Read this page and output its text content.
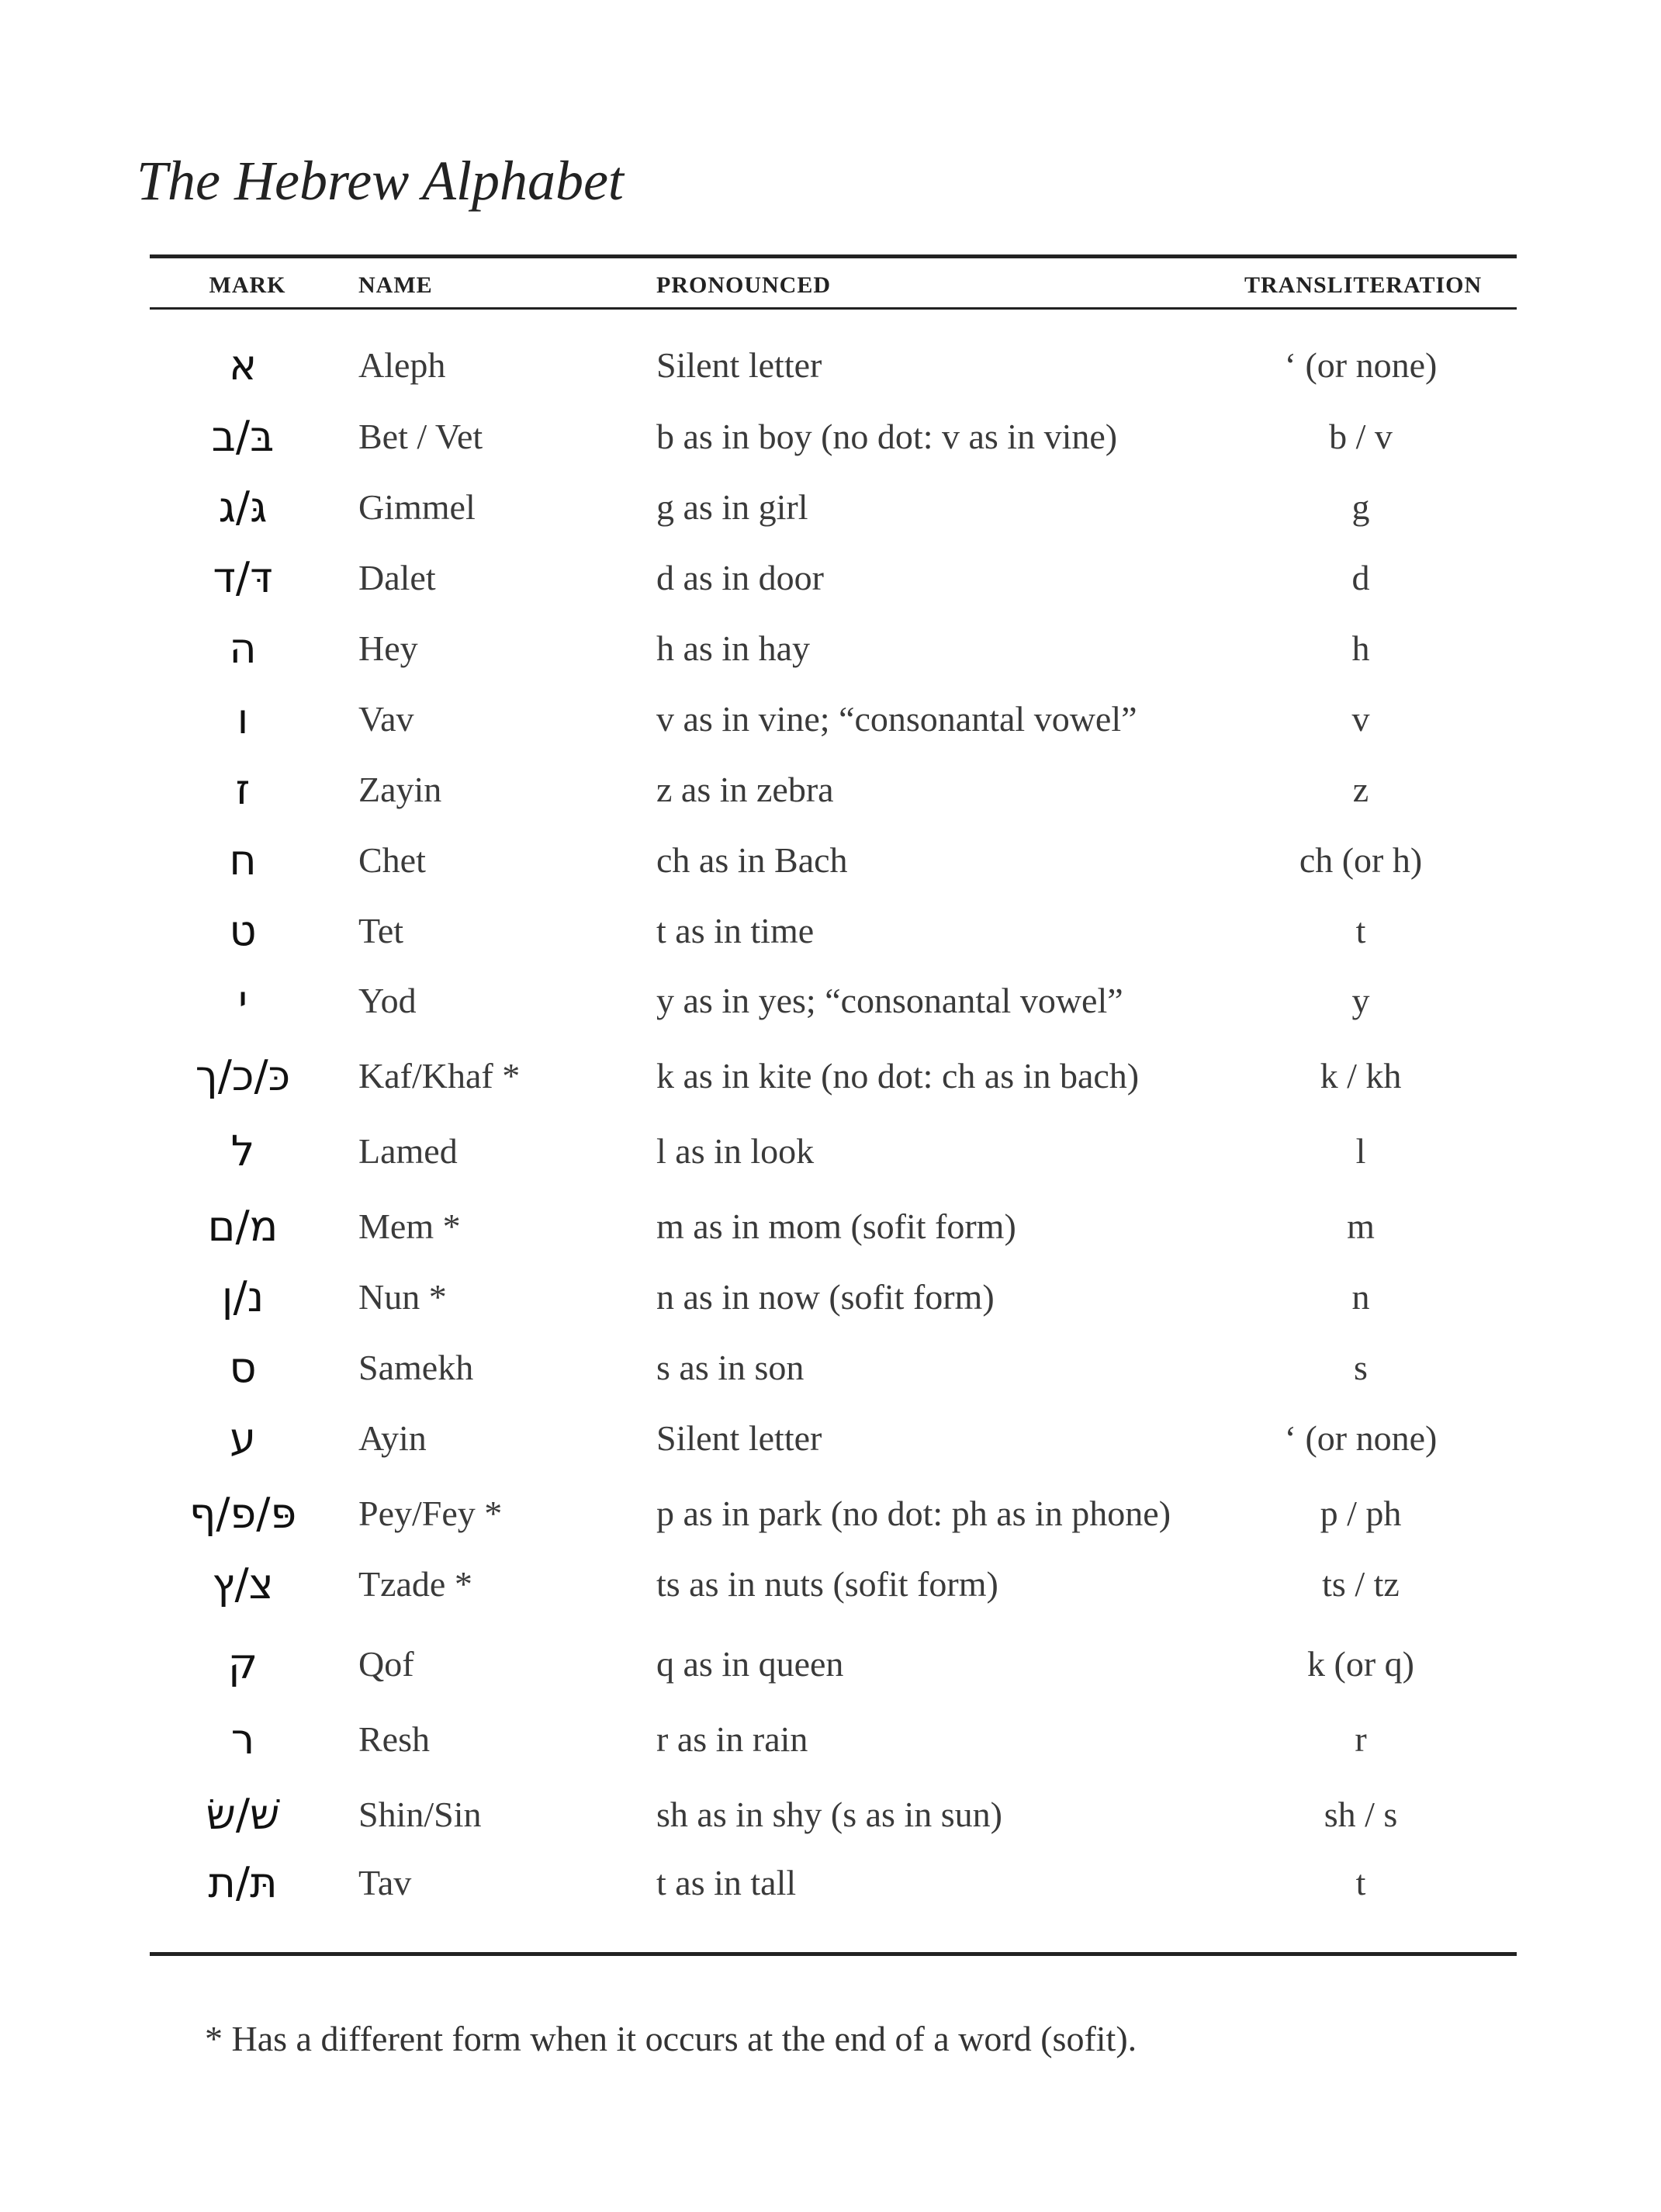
The Hebrew Alphabet
MARK	NAME	PRONOUNCED	TRANSLITERATION
א	Aleph	Silent letter	‘ (or none)
בּ/ב	Bet / Vet	b as in boy (no dot: v as in vine)	b / v
גּ/ג	Gimmel	g as in girl	g
דּ/ד	Dalet	d as in door	d
ה	Hey	h as in hay	h
ו	Vav	v as in vine; “consonantal vowel”	v
ז	Zayin	z as in zebra	z
ח	Chet	ch as in Bach	ch (or h)
ט	Tet	t as in time	t
י	Yod	y as in yes; “consonantal vowel”	y
כּ/כ/ך	Kaf/Khaf *	k as in kite (no dot: ch as in bach)	k / kh
ל	Lamed	l as in look	l
מ/ם	Mem *	m as in mom (sofit form)	m
נ/ן	Nun *	n as in now (sofit form)	n
ס	Samekh	s as in son	s
ע	Ayin	Silent letter	‘ (or none)
פּ/פ/ף	Pey/Fey *	p as in park (no dot: ph as in phone)	p / ph
צ/ץ	Tzade *	ts as in nuts (sofit form)	ts / tz
ק	Qof	q as in queen	k (or q)
ר	Resh	r as in rain	r
שׁ/שׂ	Shin/Sin	sh as in shy (s as in sun)	sh / s
תּ/ת	Tav	t as in tall	t

* Has a different form when it occurs at the end of a word (sofit).
